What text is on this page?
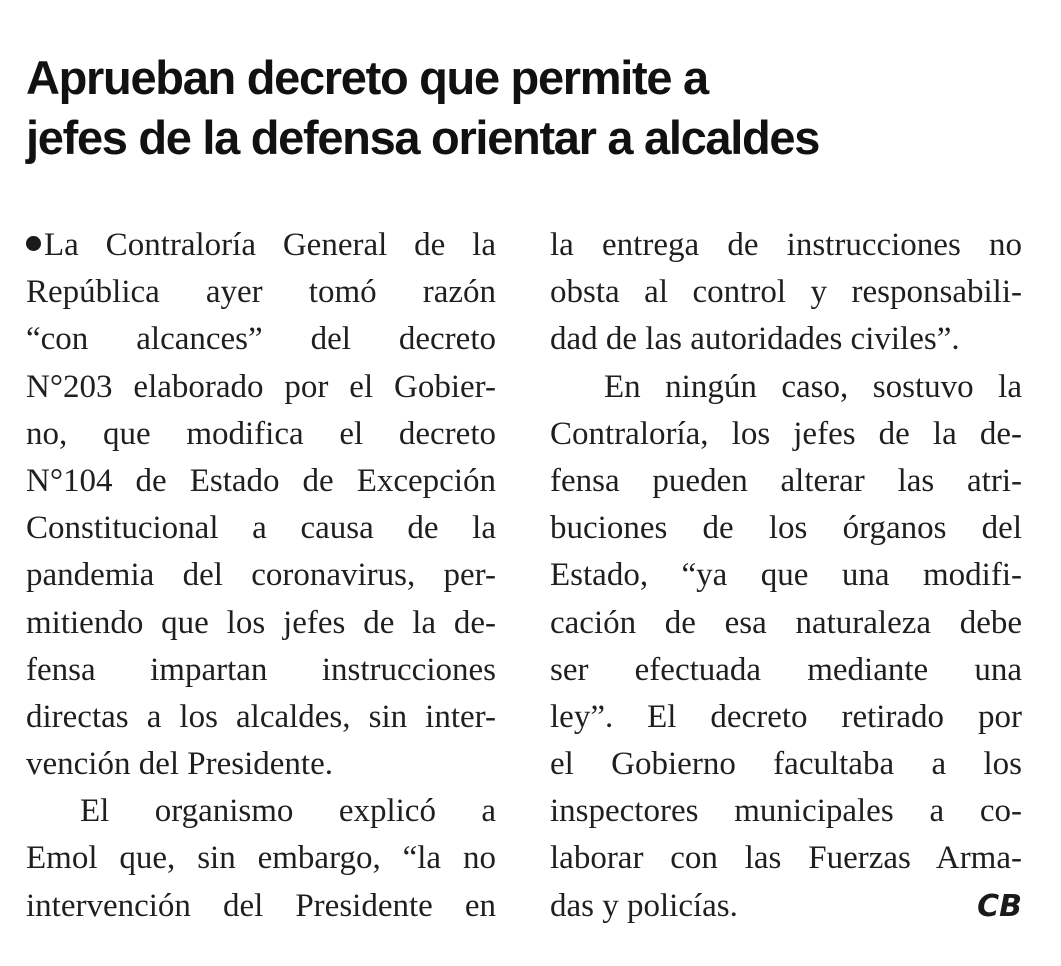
Aprueban decreto que permite a
jefes de la defensa orientar a alcaldes
La Contraloría General de la
República ayer tomó razón
“con alcances” del decreto
N°203 elaborado por el Gobier-
no, que modifica el decreto
N°104 de Estado de Excepción
Constitucional a causa de la
pandemia del coronavirus, per-
mitiendo que los jefes de la de-
fensa impartan instrucciones
directas a los alcaldes, sin inter-
vención del Presidente.
El organismo explicó a
Emol que, sin embargo, “la no
intervención del Presidente en
la entrega de instrucciones no
obsta al control y responsabili-
dad de las autoridades civiles”.
En ningún caso, sostuvo la
Contraloría, los jefes de la de-
fensa pueden alterar las atri-
buciones de los órganos del
Estado, “ya que una modifi-
cación de esa naturaleza debe
ser efectuada mediante una
ley”. El decreto retirado por
el Gobierno facultaba a los
inspectores municipales a co-
laborar con las Fuerzas Arma-
das y policías.	CB
